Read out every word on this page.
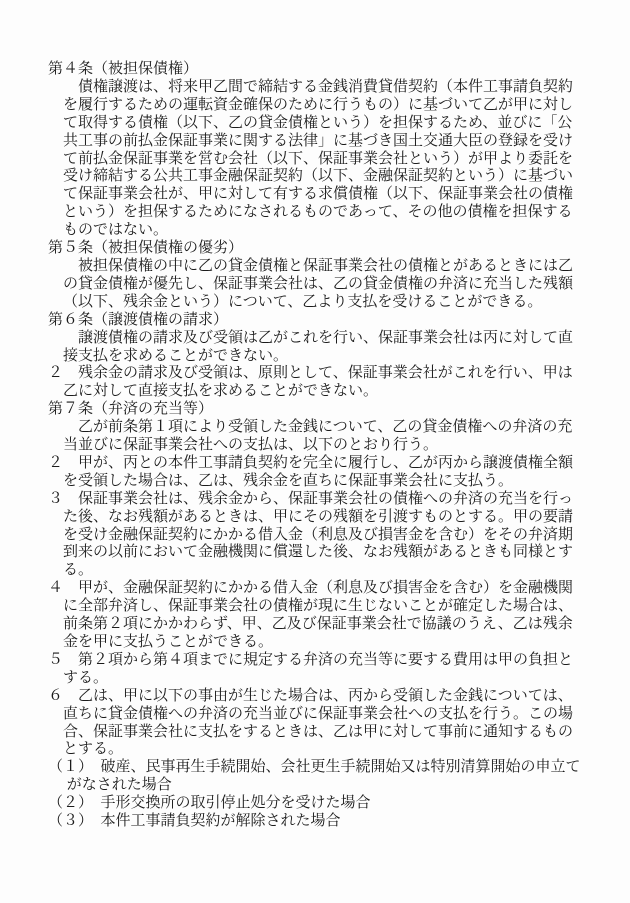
第４条（被担保債権）
債権譲渡は、将来甲乙間で締結する金銭消費貸借契約（本件工事請負契約を履行するための運転資金確保のために行うもの）に基づいて乙が甲に対して取得する債権（以下、乙の貸金債権という）を担保するため、並びに「公共工事の前払金保証事業に関する法律」に基づき国土交通大臣の登録を受けて前払金保証事業を営む会社（以下、保証事業会社という）が甲より委託を受け締結する公共工事金融保証契約（以下、金融保証契約という）に基づいて保証事業会社が、甲に対して有する求償債権（以下、保証事業会社の債権という）を担保するためになされるものであって、その他の債権を担保するものではない。
第５条（被担保債権の優劣）
被担保債権の中に乙の貸金債権と保証事業会社の債権とがあるときには乙の貸金債権が優先し、保証事業会社は、乙の貸金債権の弁済に充当した残額（以下、残余金という）について、乙より支払を受けることができる。
第６条（譲渡債権の請求）
譲渡債権の請求及び受領は乙がこれを行い、保証事業会社は丙に対して直接支払を求めることができない。
２　残余金の請求及び受領は、原則として、保証事業会社がこれを行い、甲は乙に対して直接支払を求めることができない。
第７条（弁済の充当等）
乙が前条第１項により受領した金銭について、乙の貸金債権への弁済の充当並びに保証事業会社への支払は、以下のとおり行う。
２　甲が、丙との本件工事請負契約を完全に履行し、乙が丙から譲渡債権全額を受領した場合は、乙は、残余金を直ちに保証事業会社に支払う。
３　保証事業会社は、残余金から、保証事業会社の債権への弁済の充当を行った後、なお残額があるときは、甲にその残額を引渡すものとする。甲の要請を受け金融保証契約にかかる借入金（利息及び損害金を含む）をその弁済期到来の以前において金融機関に償還した後、なお残額があるときも同様とする。
４　甲が、金融保証契約にかかる借入金（利息及び損害金を含む）を金融機関に全部弁済し、保証事業会社の債権が現に生じないことが確定した場合は、前条第２項にかかわらず、甲、乙及び保証事業会社で協議のうえ、乙は残余金を甲に支払うことができる。
５　第２項から第４項までに規定する弁済の充当等に要する費用は甲の負担とする。
６　乙は、甲に以下の事由が生じた場合は、丙から受領した金銭については、直ちに貸金債権への弁済の充当並びに保証事業会社への支払を行う。この場合、保証事業会社に支払をするときは、乙は甲に対して事前に通知するものとする。
（１）　破産、民事再生手続開始、会社更生手続開始又は特別清算開始の申立てがなされた場合
（２）　手形交換所の取引停止処分を受けた場合
（３）　本件工事請負契約が解除された場合
